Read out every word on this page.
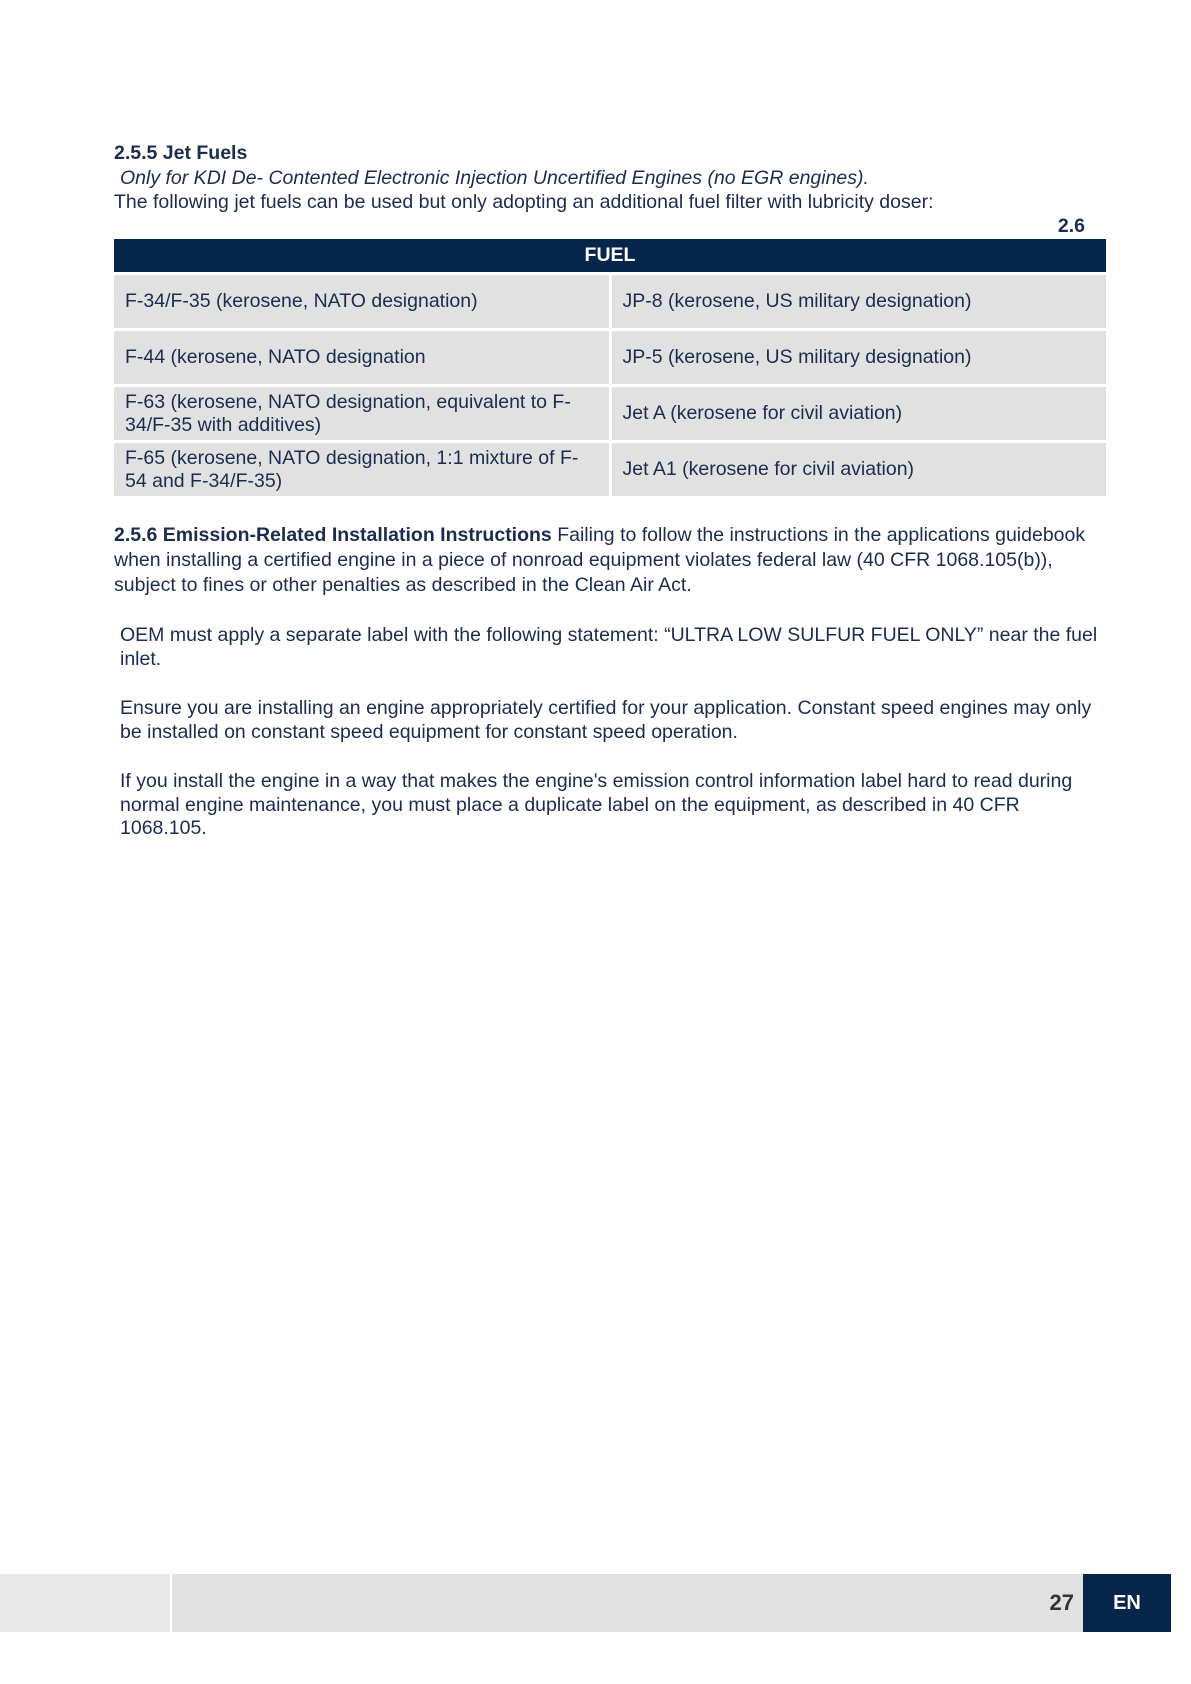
2.5.5 Jet Fuels
Only for KDI De- Contented Electronic Injection Uncertified Engines (no EGR engines).
The following jet fuels can be used but only adopting an additional fuel filter with lubricity doser:
2.6
FUEL	
F-34/F-35 (kerosene, NATO designation)	JP-8 (kerosene, US military designation)
F-44 (kerosene, NATO designation	JP-5 (kerosene, US military designation)
F-63 (kerosene, NATO designation, equivalent to F-34/F-35 with additives)	Jet A (kerosene for civil aviation)
F-65 (kerosene, NATO designation, 1:1 mixture of F-54 and F-34/F-35)	Jet A1 (kerosene for civil aviation)

2.5.6 Emission-Related Installation Instructions Failing to follow the instructions in the applications guidebook when installing a certified engine in a piece of nonroad equipment violates federal law (40 CFR 1068.105(b)), subject to fines or other penalties as described in the Clean Air Act.

OEM must apply a separate label with the following statement: “ULTRA LOW SULFUR FUEL ONLY” near the fuel inlet.

Ensure you are installing an engine appropriately certified for your application. Constant speed engines may only be installed on constant speed equipment for constant speed operation.

If you install the engine in a way that makes the engine's emission control information label hard to read during normal engine maintenance, you must place a duplicate label on the equipment, as described in 40 CFR 1068.105.

27	EN
